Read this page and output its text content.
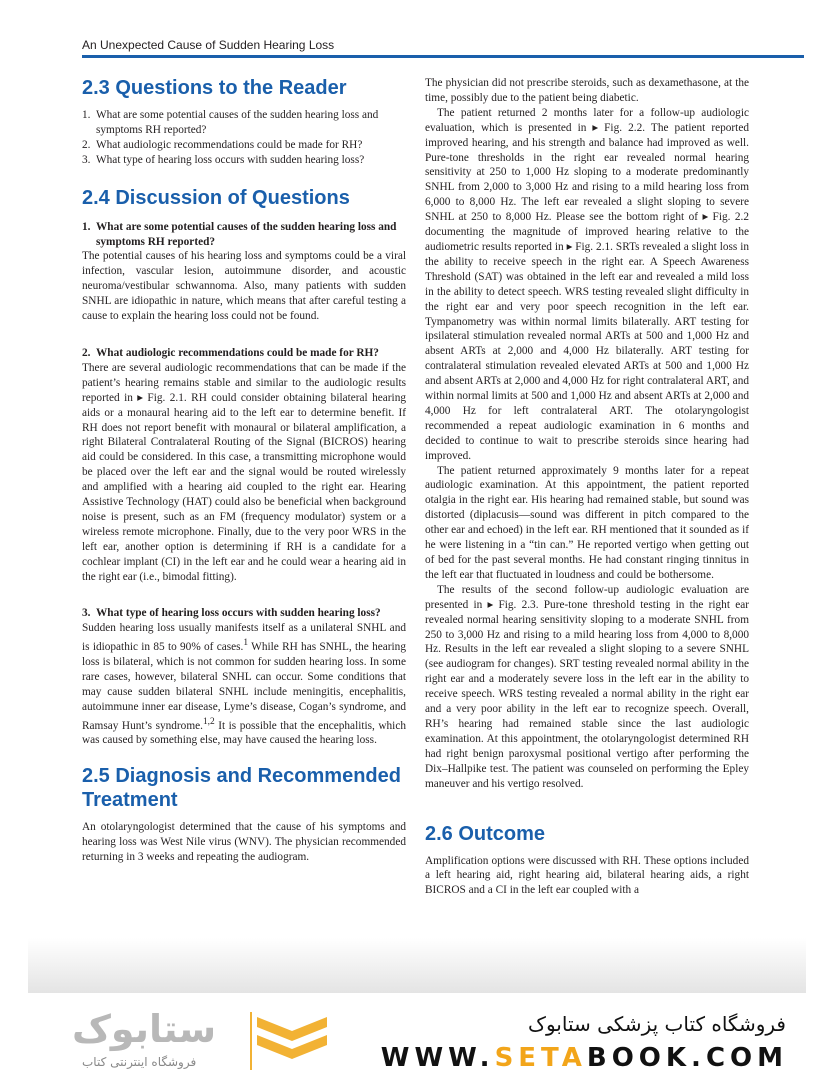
An Unexpected Cause of Sudden Hearing Loss
2.3 Questions to the Reader
1. What are some potential causes of the sudden hearing loss and symptoms RH reported?
2. What audiologic recommendations could be made for RH?
3. What type of hearing loss occurs with sudden hearing loss?
2.4 Discussion of Questions
1. What are some potential causes of the sudden hearing loss and symptoms RH reported?

The potential causes of his hearing loss and symptoms could be a viral infection, vascular lesion, autoimmune disorder, and acoustic neuroma/vestibular schwannoma. Also, many patients with sudden SNHL are idiopathic in nature, which means that after careful testing a cause to explain the hearing loss could not be found.

2. What audiologic recommendations could be made for RH?

There are several audiologic recommendations that can be made if the patient’s hearing remains stable and similar to the audiologic results reported in ▸ Fig. 2.1. RH could consider obtaining bilateral hearing aids or a monaural hearing aid to the left ear to determine benefit. If RH does not report benefit with monaural or bilateral amplification, a right Bilateral Contralateral Routing of the Signal (BICROS) hearing aid could be considered. In this case, a transmitting microphone would be placed over the left ear and the signal would be routed wirelessly and amplified with a hearing aid coupled to the right ear. Hearing Assistive Technology (HAT) could also be beneficial when background noise is present, such as an FM (frequency modulator) system or a wireless remote microphone. Finally, due to the very poor WRS in the left ear, another option is determining if RH is a candidate for a cochlear implant (CI) in the left ear and he could wear a hearing aid in the right ear (i.e., bimodal fitting).

3. What type of hearing loss occurs with sudden hearing loss?

Sudden hearing loss usually manifests itself as a unilateral SNHL and is idiopathic in 85 to 90% of cases.$^1$ While RH has SNHL, the hearing loss is bilateral, which is not common for sudden hearing loss. In some rare cases, however, bilateral SNHL can occur. Some conditions that may cause sudden bilateral SNHL include meningitis, encephalitis, autoimmune inner ear disease, Lyme’s disease, Cogan’s syndrome, and Ramsay Hunt’s syndrome.$^{1,2}$ It is possible that the encephalitis, which was caused by something else, may have caused the hearing loss.

2.5 Diagnosis and Recommended Treatment

An otolaryngologist determined that the cause of his symptoms and hearing loss was West Nile virus (WNV). The physician recommended returning in 3 weeks and repeating the audiogram.

The physician did not prescribe steroids, such as dexamethasone, at the time, possibly due to the patient being diabetic.

The patient returned 2 months later for a follow-up audiologic evaluation, which is presented in ▸ Fig. 2.2. The patient reported improved hearing, and his strength and balance had improved as well. Pure-tone thresholds in the right ear revealed normal hearing sensitivity at 250 to 1,000 Hz sloping to a moderate predominantly SNHL from 2,000 to 3,000 Hz and rising to a mild hearing loss from 6,000 to 8,000 Hz. The left ear revealed a slight sloping to severe SNHL at 250 to 8,000 Hz. Please see the bottom right of ▸ Fig. 2.2 documenting the magnitude of improved hearing relative to the audiometric results reported in ▸ Fig. 2.1. SRTs revealed a slight loss in the ability to receive speech in the right ear. A Speech Awareness Threshold (SAT) was obtained in the left ear and revealed a mild loss in the ability to detect speech. WRS testing revealed slight difficulty in the right ear and very poor speech recognition in the left ear. Tympanometry was within normal limits bilaterally. ART testing for ipsilateral stimulation revealed normal ARTs at 500 and 1,000 Hz and absent ARTs at 2,000 and 4,000 Hz bilaterally. ART testing for contralateral stimulation revealed elevated ARTs at 500 and 1,000 Hz and absent ARTs at 2,000 and 4,000 Hz for right contralateral ART, and within normal limits at 500 and 1,000 Hz and absent ARTs at 2,000 and 4,000 Hz for left contralateral ART. The otolaryngologist recommended a repeat audiologic examination in 6 months and decided to continue to wait to prescribe steroids since hearing had improved.

The patient returned approximately 9 months later for a repeat audiologic examination. At this appointment, the patient reported otalgia in the right ear. His hearing had remained stable, but sound was distorted (diplacusis—sound was different in pitch compared to the other ear and echoed) in the left ear. RH mentioned that it sounded as if he were listening in a “tin can.” He reported vertigo when getting out of bed for the past several months. He had constant ringing tinnitus in the left ear that fluctuated in loudness and could be bothersome.

The results of the second follow-up audiologic evaluation are presented in ▸ Fig. 2.3. Pure-tone threshold testing in the right ear revealed normal hearing sensitivity sloping to a moderate SNHL from 250 to 3,000 Hz and rising to a mild hearing loss from 4,000 to 8,000 Hz. Results in the left ear revealed a slight sloping to a severe SNHL (see audiogram for changes). SRT testing revealed normal ability in the right ear and a moderately severe loss in the left ear in the ability to receive speech. WRS testing revealed a normal ability in the right ear and a very poor ability in the left ear to recognize speech. Overall, RH’s hearing had remained stable since the last audiologic examination. At this appointment, the otolaryngologist determined RH had right benign paroxysmal positional vertigo after performing the Dix–Hallpike test. The patient was counseled on performing the Epley maneuver and his vertigo resolved.

2.6 Outcome

Amplification options were discussed with RH. These options included a left hearing aid, right hearing aid, bilateral hearing aids, a right BICROS and a CI in the left ear coupled with a

ستابوک
فروشگاه اینترنتی کتاب
فروشگاه کتاب پزشکی ستابوک
WWW.SETABOOK.COM
